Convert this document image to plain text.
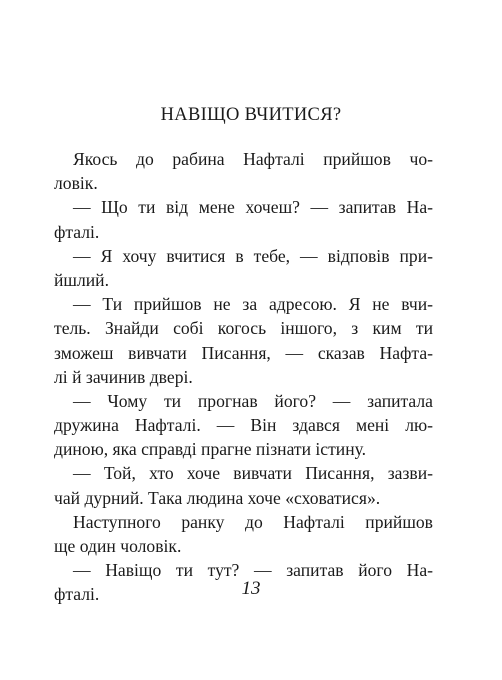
НАВІЩО ВЧИТИСЯ?
Якось до рабина Нафталі прийшов чо-
ловік.
— Що ти від мене хочеш? — запитав На-
фталі.
— Я хочу вчитися в тебе, — відповів при-
йшлий.
— Ти прийшов не за адресою. Я не вчи-
тель. Знайди собі когось іншого, з ким ти
зможеш вивчати Писання, — сказав Нафта-
лі й зачинив двері.
— Чому ти прогнав його? — запитала
дружина Нафталі. — Він здався мені лю-
диною, яка справді прагне пізнати істину.
— Той, хто хоче вивчати Писання, зазви-
чай дурний. Така людина хоче «сховатися».
Наступного ранку до Нафталі прийшов
ще один чоловік.
— Навіщо ти тут? — запитав його На-
фталі.	13
